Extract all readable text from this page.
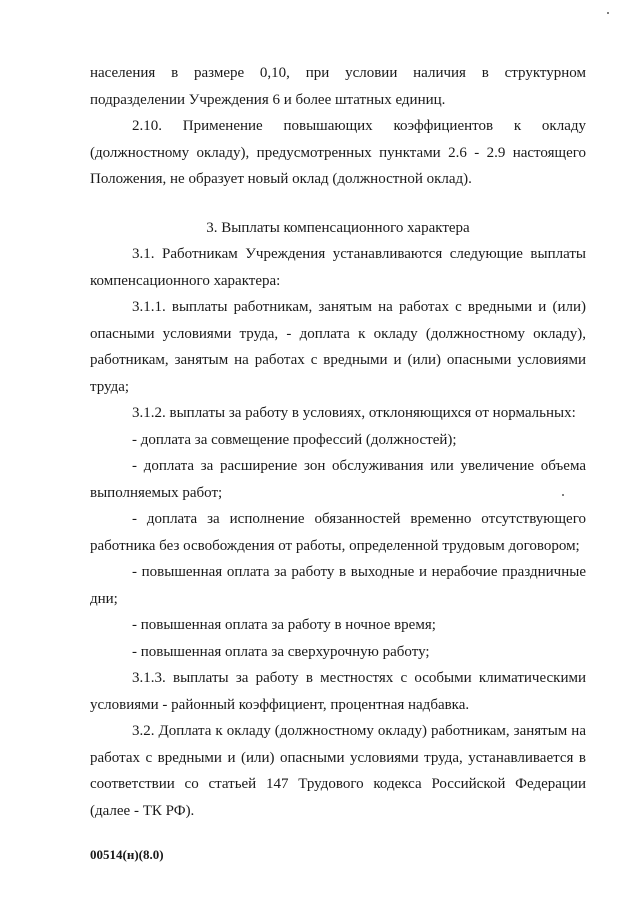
населения в размере 0,10, при условии наличия в структурном подразделении Учреждения 6 и более штатных единиц.

2.10. Применение повышающих коэффициентов к окладу (должностному окладу), предусмотренных пунктами 2.6 - 2.9 настоящего Положения, не образует новый оклад (должностной оклад).

3. Выплаты компенсационного характера

3.1. Работникам Учреждения устанавливаются следующие выплаты компенсационного характера:

3.1.1. выплаты работникам, занятым на работах с вредными и (или) опасными условиями труда, - доплата к окладу (должностному окладу), работникам, занятым на работах с вредными и (или) опасными условиями труда;

3.1.2. выплаты за работу в условиях, отклоняющихся от нормальных:

- доплата за совмещение профессий (должностей);

- доплата за расширение зон обслуживания или увеличение объема выполняемых работ;

- доплата за исполнение обязанностей временно отсутствующего работника без освобождения от работы, определенной трудовым договором;

- повышенная оплата за работу в выходные и нерабочие праздничные дни;

- повышенная оплата за работу в ночное время;

- повышенная оплата за сверхурочную работу;

3.1.3. выплаты за работу в местностях с особыми климатическими условиями - районный коэффициент, процентная надбавка.

3.2. Доплата к окладу (должностному окладу) работникам, занятым на работах с вредными и (или) опасными условиями труда, устанавливается в соответствии со статьей 147 Трудового кодекса Российской Федерации (далее - ТК РФ).

00514(н)(8.0)
